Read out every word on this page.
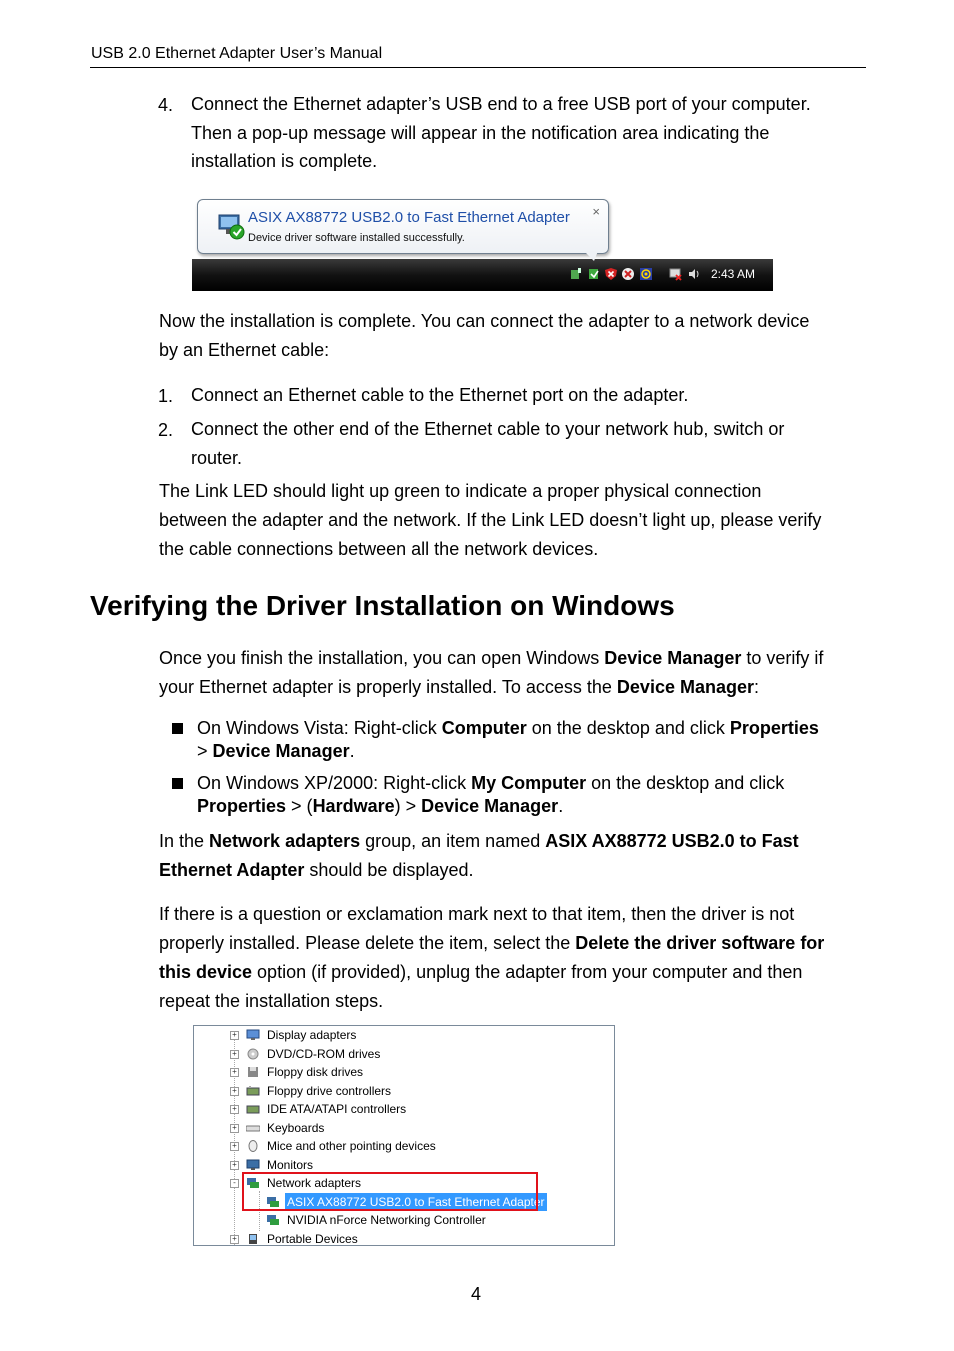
USB 2.0 Ethernet Adapter User’s Manual
4. Connect the Ethernet adapter’s USB end to a free USB port of your computer.
Then a pop-up message will appear in the notification area indicating the
installation is complete.
ASIX AX88772 USB2.0 to Fast Ethernet Adapter
Device driver software installed successfully.
×
2:43 AM
Now the installation is complete. You can connect the adapter to a network device
by an Ethernet cable:
1. Connect an Ethernet cable to the Ethernet port on the adapter.
2. Connect the other end of the Ethernet cable to your network hub, switch or
router.
The Link LED should light up green to indicate a proper physical connection
between the adapter and the network. If the Link LED doesn’t light up, please verify
the cable connections between all the network devices.
Verifying the Driver Installation on Windows
Once you finish the installation, you can open Windows Device Manager to verify if
your Ethernet adapter is properly installed. To access the Device Manager:
On Windows Vista: Right-click Computer on the desktop and click Properties
> Device Manager.
On Windows XP/2000: Right-click My Computer on the desktop and click
Properties > (Hardware) > Device Manager.
In the Network adapters group, an item named ASIX AX88772 USB2.0 to Fast
Ethernet Adapter should be displayed.
If there is a question or exclamation mark next to that item, then the driver is not
properly installed. Please delete the item, select the Delete the driver software for
this device option (if provided), unplug the adapter from your computer and then
repeat the installation steps.
+	Display adapters
+	DVD/CD-ROM drives
+	Floppy disk drives
+	Floppy drive controllers
+	IDE ATA/ATAPI controllers
+	Keyboards
+	Mice and other pointing devices
+	Monitors
-	Network adapters
ASIX AX88772 USB2.0 to Fast Ethernet Adapter
NVIDIA nForce Networking Controller
+	Portable Devices
4
